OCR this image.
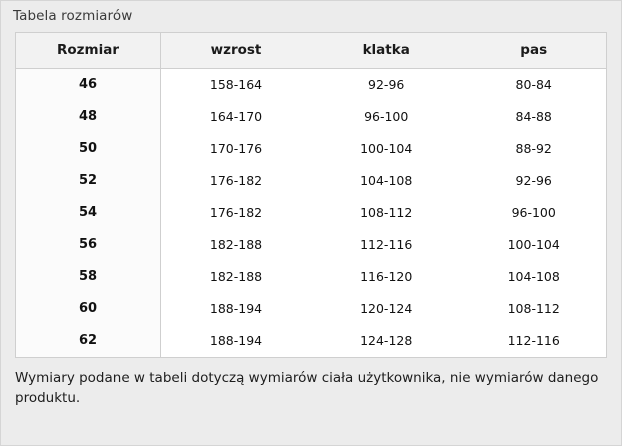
Tabela rozmiarów
Rozmiar	wzrost	klatka	pas
46	158-164	92-96	80-84
48	164-170	96-100	84-88
50	170-176	100-104	88-92
52	176-182	104-108	92-96
54	176-182	108-112	96-100
56	182-188	112-116	100-104
58	182-188	116-120	104-108
60	188-194	120-124	108-112
62	188-194	124-128	112-116
Wymiary podane w tabeli dotyczą wymiarów ciała użytkownika, nie wymiarów danego produktu.
